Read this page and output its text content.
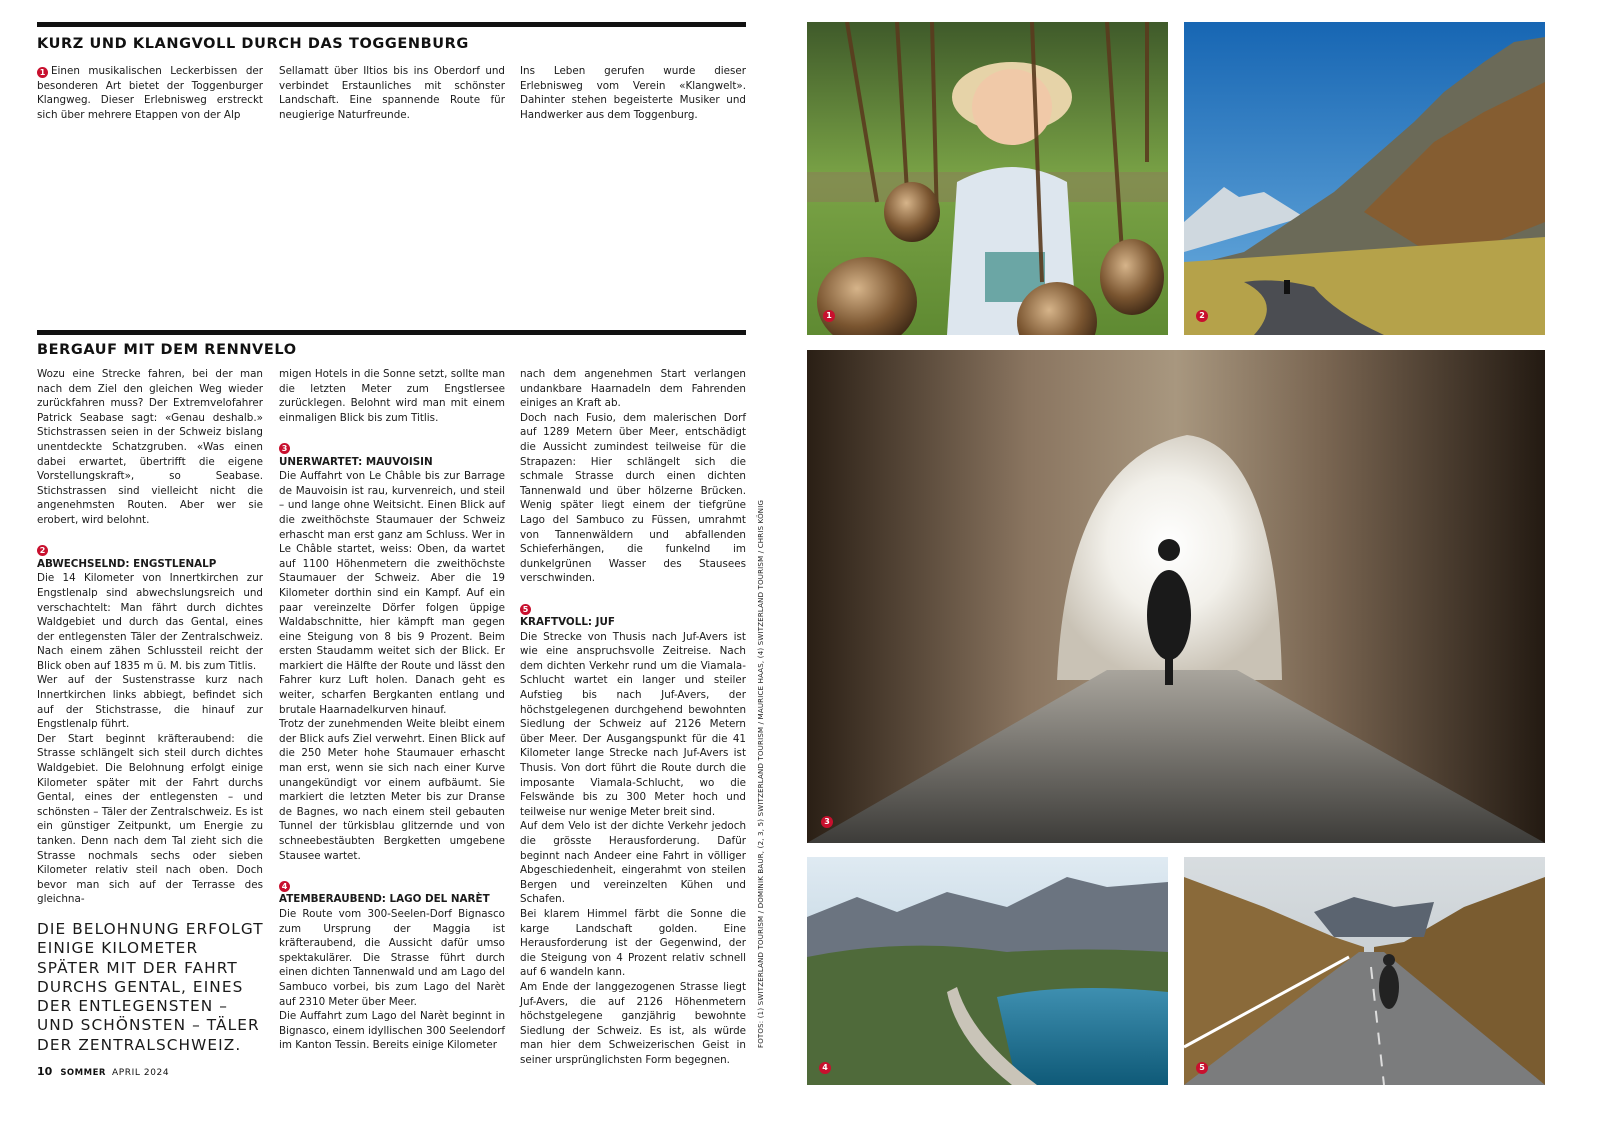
KURZ UND KLANGVOLL DURCH DAS TOGGENBURG

1 Einen musikalischen Leckerbissen der besonderen Art bietet der Toggenburger Klangweg. Dieser Erlebnisweg erstreckt sich über mehrere Etappen von der Alp

Sellamatt über Iltios bis ins Oberdorf und verbindet Erstaunliches mit schönster Landschaft. Eine spannende Route für neugierige Naturfreunde.

Ins Leben gerufen wurde dieser Erlebnisweg vom Verein «Klangwelt». Dahinter stehen begeisterte Musiker und Handwerker aus dem Toggenburg.

BERGAUF MIT DEM RENNVELO

Wozu eine Strecke fahren, bei der man nach dem Ziel den gleichen Weg wieder zurückfahren muss? Der Extremvelofahrer Patrick Seabase sagt: «Genau deshalb.» Stichstrassen seien in der Schweiz bislang unentdeckte Schatzgruben. «Was einen dabei erwartet, übertrifft die eigene Vorstellungskraft», so Seabase. Stichstrassen sind vielleicht nicht die angenehmsten Routen. Aber wer sie erobert, wird belohnt.

2

ABWECHSELND: ENGSTLENALP

Die 14 Kilometer von Innertkirchen zur Engstlenalp sind abwechslungsreich und verschachtelt: Man fährt durch dichtes Waldgebiet und durch das Gental, eines der entlegensten Täler der Zentralschweiz. Nach einem zähen Schlussteil reicht der Blick oben auf 1835 m ü. M. bis zum Titlis.

Wer auf der Sustenstrasse kurz nach Innertkirchen links abbiegt, befindet sich auf der Stichstrasse, die hinauf zur Engstlenalp führt.

Der Start beginnt kräfteraubend: die Strasse schlängelt sich steil durch dichtes Waldgebiet. Die Belohnung erfolgt einige Kilometer später mit der Fahrt durchs Gental, eines der entlegensten – und schönsten – Täler der Zentralschweiz. Es ist ein günstiger Zeitpunkt, um Energie zu tanken. Denn nach dem Tal zieht sich die Strasse nochmals sechs oder sieben Kilometer relativ steil nach oben. Doch bevor man sich auf der Terrasse des gleichna-

DIE BELOHNUNG ERFOLGT

EINIGE KILOMETER

SPÄTER MIT DER FAHRT

DURCHS GENTAL, EINES

DER ENTLEGENSTEN –

UND SCHÖNSTEN – TÄLER

DER ZENTRALSCHWEIZ.

migen Hotels in die Sonne setzt, sollte man die letzten Meter zum Engstlersee zurücklegen. Belohnt wird man mit einem einmaligen Blick bis zum Titlis.

3

UNERWARTET: MAUVOISIN

Die Auffahrt von Le Châble bis zur Barrage de Mauvoisin ist rau, kurvenreich, und steil – und lange ohne Weitsicht. Einen Blick auf die zweithöchste Staumauer der Schweiz erhascht man erst ganz am Schluss. Wer in Le Châble startet, weiss: Oben, da wartet auf 1100 Höhenmetern die zweithöchste Staumauer der Schweiz. Aber die 19 Kilometer dorthin sind ein Kampf. Auf ein paar vereinzelte Dörfer folgen üppige Waldabschnitte, hier kämpft man gegen eine Steigung von 8 bis 9 Prozent. Beim ersten Staudamm weitet sich der Blick. Er markiert die Hälfte der Route und lässt den Fahrer kurz Luft holen. Danach geht es weiter, scharfen Bergkanten entlang und brutale Haarnadelkurven hinauf.

Trotz der zunehmenden Weite bleibt einem der Blick aufs Ziel verwehrt. Einen Blick auf die 250 Meter hohe Staumauer erhascht man erst, wenn sie sich nach einer Kurve unangekündigt vor einem aufbäumt. Sie markiert die letzten Meter bis zur Dranse de Bagnes, wo nach einem steil gebauten Tunnel der türkisblau glitzernde und von schneebestäubten Bergketten umgebene Stausee wartet.

4

ATEMBERAUBEND: LAGO DEL NARÈT

Die Route vom 300-Seelen-Dorf Bignasco zum Ursprung der Maggia ist kräfteraubend, die Aussicht dafür umso spektakulärer. Die Strasse führt durch einen dichten Tannenwald und am Lago del Sambuco vorbei, bis zum Lago del Narèt auf 2310 Meter über Meer.

Die Auffahrt zum Lago del Narèt beginnt in Bignasco, einem idyllischen 300 Seelendorf im Kanton Tessin. Bereits einige Kilometer

nach dem angenehmen Start verlangen undankbare Haarnadeln dem Fahrenden einiges an Kraft ab.

Doch nach Fusio, dem malerischen Dorf auf 1289 Metern über Meer, entschädigt die Aussicht zumindest teilweise für die Strapazen: Hier schlängelt sich die schmale Strasse durch einen dichten Tannenwald und über hölzerne Brücken. Wenig später liegt einem der tiefgrüne Lago del Sambuco zu Füssen, umrahmt von Tannenwäldern und abfallenden Schieferhängen, die funkelnd im dunkelgrünen Wasser des Stausees verschwinden.

5

KRAFTVOLL: JUF

Die Strecke von Thusis nach Juf-Avers ist wie eine anspruchsvolle Zeitreise. Nach dem dichten Verkehr rund um die Viamala-Schlucht wartet ein langer und steiler Aufstieg bis nach Juf-Avers, der höchstgelegenen durchgehend bewohnten Siedlung der Schweiz auf 2126 Metern über Meer. Der Ausgangspunkt für die 41 Kilometer lange Strecke nach Juf-Avers ist Thusis. Von dort führt die Route durch die imposante Viamala-Schlucht, wo die Felswände bis zu 300 Meter hoch und teilweise nur wenige Meter breit sind.

Auf dem Velo ist der dichte Verkehr jedoch die grösste Herausforderung. Dafür beginnt nach Andeer eine Fahrt in völliger Abgeschiedenheit, eingerahmt von steilen Bergen und vereinzelten Kühen und Schafen.

Bei klarem Himmel färbt die Sonne die karge Landschaft golden. Eine Herausforderung ist der Gegenwind, der die Steigung von 4 Prozent relativ schnell auf 6 wandeln kann.

Am Ende der langgezogenen Strasse liegt Juf-Avers, die auf 2126 Höhenmetern höchstgelegene ganzjährig bewohnte Siedlung der Schweiz. Es ist, als würde man hier dem Schweizerischen Geist in seiner ursprünglichsten Form begegnen.

10 SOMMER APRIL 2024
FOTOS: (1) SWITZERLAND TOURISM / DOMINIK BAUR, (2, 3, 5) SWITZERLAND TOURISM / MAURICE HAAS, (4) SWITZERLAND TOURISM / CHRIS KÖNIG
1	2
3
4	5
